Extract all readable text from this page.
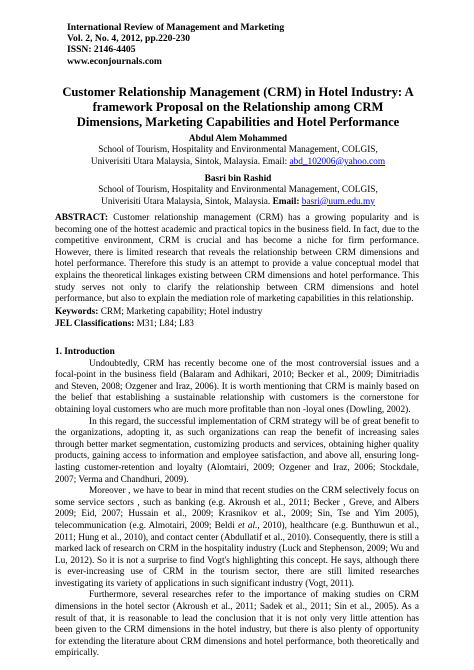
International Review of Management and Marketing
Vol. 2, No. 4, 2012, pp.220-230
ISSN: 2146-4405
www.econjournals.com
Customer Relationship Management (CRM) in Hotel Industry: A framework Proposal on the Relationship among CRM Dimensions, Marketing Capabilities and Hotel Performance
Abdul Alem Mohammed
School of Tourism, Hospitality and Environmental Management, COLGIS,
Univerisiti Utara Malaysia, Sintok, Malaysia. Email: abd_102006@yahoo.com
Basri bin Rashid
School of Tourism, Hospitality and Environmental Management, COLGIS,
Univerisiti Utara Malaysia, Sintok, Malaysia. Email: basri@uum.edu.my

ABSTRACT: Customer relationship management (CRM) has a growing popularity and is becoming one of the hottest academic and practical topics in the business field. In fact, due to the competitive environment, CRM is crucial and has become a niche for firm performance. However, there is limited research that reveals the relationship between CRM dimensions and hotel performance. Therefore this study is an attempt to provide a value conceptual model that explains the theoretical linkages existing between CRM dimensions and hotel performance. This study serves not only to clarify the relationship between CRM dimensions and hotel performance, but also to explain the mediation role of marketing capabilities in this relationship.

Keywords: CRM; Marketing capability; Hotel industry

JEL Classifications: M31; L84; L83

1. Introduction

Undoubtedly, CRM has recently become one of the most controversial issues and a focal-point in the business field (Balaram and Adhikari, 2010; Becker et al., 2009; Dimitriadis and Steven, 2008; Ozgener and Iraz, 2006). It is worth mentioning that CRM is mainly based on the belief that establishing a sustainable relationship with customers is the cornerstone for obtaining loyal customers who are much more profitable than non -loyal ones (Dowling, 2002).

In this regard, the successful implementation of CRM strategy will be of great benefit to the organizations, adopting it, as such organizations can reap the benefit of increasing sales through better market segmentation, customizing products and services, obtaining higher quality products, gaining access to information and employee satisfaction, and above all, ensuring long-lasting customer-retention and loyalty (Alomtairi, 2009; Ozgener and Iraz, 2006; Stockdale, 2007; Verma and Chandhuri, 2009).

Moreover , we have to bear in mind that recent studies on the CRM selectively focus on some service sectors , such as banking (e.g. Akroush et al., 2011; Becker , Greve, and Albers 2009; Eid, 2007; Hussain et al., 2009; Krasnikov et al., 2009; Sin, Tse and Yim 2005), telecommunication (e.g. Almotairi, 2009; Beldi et al., 2010), healthcare (e.g. Bunthuwun et al., 2011; Hung et al., 2010), and contact center (Abdullatif et al., 2010). Consequently, there is still a marked lack of research on CRM in the hospitality industry (Luck and Stephenson, 2009; Wu and Lu, 2012). So it is not a surprise to find Vogt's highlighting this concept. He says, although there is ever-increasing use of CRM in the tourism sector, there are still limited researches investigating its variety of applications in such significant industry (Vogt, 2011).

Furthermore, several researches refer to the importance of making studies on CRM dimensions in the hotel sector (Akroush et al., 2011; Sadek et al., 2011; Sin et al., 2005). As a result of that, it is reasonable to lead the conclusion that it is not only very little attention has been given to the CRM dimensions in the hotel industry, but there is also plenty of opportunity for extending the literature about CRM dimensions and hotel performance, both theoretically and empirically.
